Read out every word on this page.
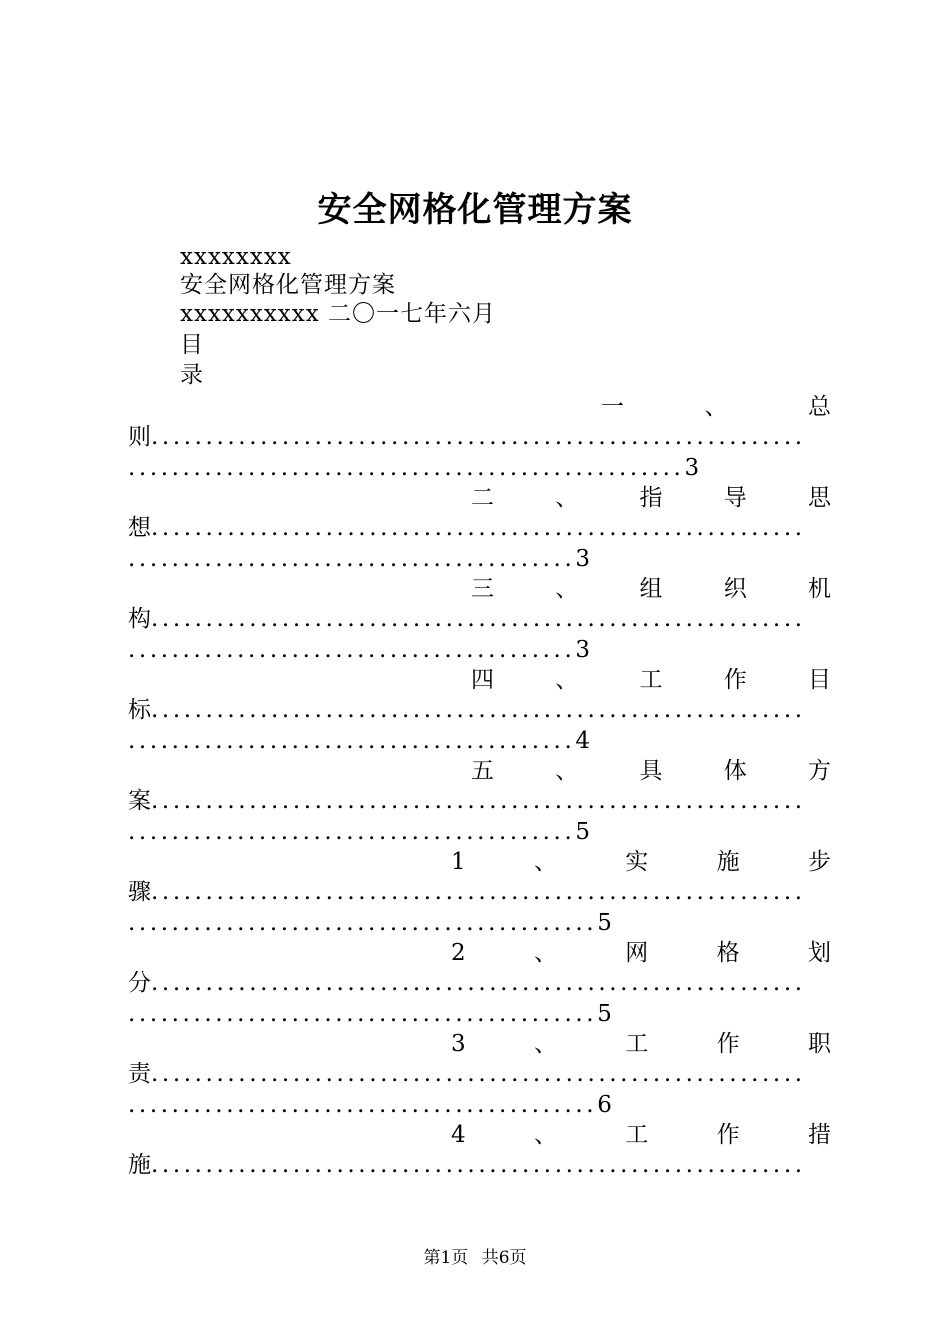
安全网格化管理方案
xxxxxxxx
安全网格化管理方案
xxxxxxxxxx 二〇一七年六月
目
录
一	、	总
则............................................................
...................................................3
二	、	指	导	思
想............................................................
.........................................3
三	、	组	织	机
构............................................................
.........................................3
四	、	工	作	目
标............................................................
.........................................4
五	、	具	体	方
案............................................................
.........................................5
1	、	实	施	步
骤............................................................
...........................................5
2	、	网	格	划
分............................................................
...........................................5
3	、	工	作	职
责............................................................
...........................................6
4	、	工	作	措
施............................................................
第1页 共6页
